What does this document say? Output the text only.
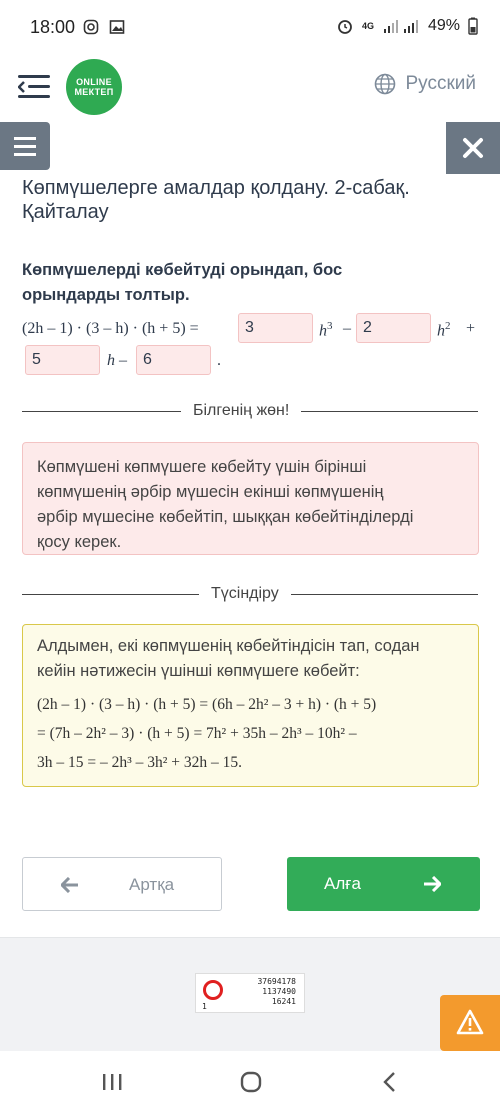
18:00	4G	49%
ONLINE
МЕКТЕП	Русский
Көпмүшелерге амалдар қолдану. 2-сабақ.
Қайталау
Көпмүшелерді көбейтуді орындап, бос
орындарды толтыр.
(2h – 1) · (3 – h) · (h + 5) =	3	$h^3 - 2$	$h^2$ +
5	h –	6	.
Білгенің жөн!
Көпмүшені көпмүшеге көбейту үшін бірінші
көпмүшенің әрбір мүшесін екінші көпмүшенің
әрбір мүшесіне көбейтіп, шыққан көбейтінділерді
қосу керек.
Түсіндіру
Алдымен, екі көпмүшенің көбейтіндісін тап, содан
кейін нәтижесін үшінші көпмүшеге көбейт:
(2h – 1) · (3 – h) · (h + 5) = (6h – 2h² – 3 + h) · (h + 5)
= (7h – 2h² – 3) · (h + 5) = 7h² + 35h – 2h³ – 10h² –
3h – 15 = – 2h³ – 3h² + 32h – 15.
Артқа	Алға
1
37694178
1137490
16241
